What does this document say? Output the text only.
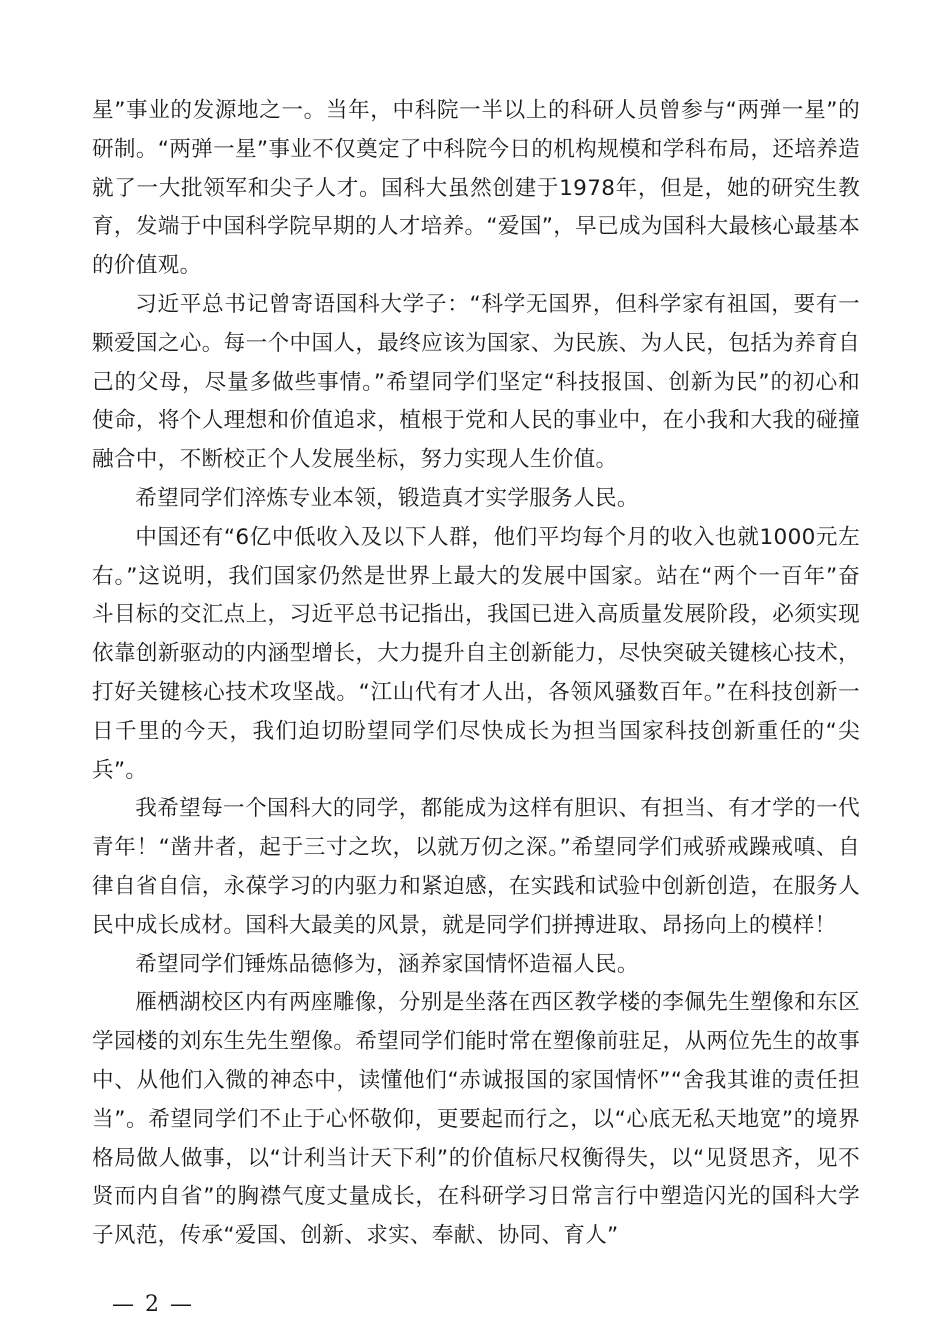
星”事业的发源地之一。当年，中科院一半以上的科研人员曾参与“两弹一星”的研制。“两弹一星”事业不仅奠定了中科院今日的机构规模和学科布局，还培养造就了一大批领军和尖子人才。国科大虽然创建于1978年，但是，她的研究生教育，发端于中国科学院早期的人才培养。“爱国”，早已成为国科大最核心最基本的价值观。

习近平总书记曾寄语国科大学子：“科学无国界，但科学家有祖国，要有一颗爱国之心。每一个中国人，最终应该为国家、为民族、为人民，包括为养育自己的父母，尽量多做些事情。”希望同学们坚定“科技报国、创新为民”的初心和使命，将个人理想和价值追求，植根于党和人民的事业中，在小我和大我的碰撞融合中，不断校正个人发展坐标，努力实现人生价值。

希望同学们淬炼专业本领，锻造真才实学服务人民。

中国还有“6亿中低收入及以下人群，他们平均每个月的收入也就1000元左右。”这说明，我们国家仍然是世界上最大的发展中国家。站在“两个一百年”奋斗目标的交汇点上，习近平总书记指出，我国已进入高质量发展阶段，必须实现依靠创新驱动的内涵型增长，大力提升自主创新能力，尽快突破关键核心技术，打好关键核心技术攻坚战。“江山代有才人出，各领风骚数百年。”在科技创新一日千里的今天，我们迫切盼望同学们尽快成长为担当国家科技创新重任的“尖兵”。

我希望每一个国科大的同学，都能成为这样有胆识、有担当、有才学的一代青年！“凿井者，起于三寸之坎，以就万仞之深。”希望同学们戒骄戒躁戒嗔、自律自省自信，永葆学习的内驱力和紧迫感，在实践和试验中创新创造，在服务人民中成长成材。国科大最美的风景，就是同学们拼搏进取、昂扬向上的模样！

希望同学们锤炼品德修为，涵养家国情怀造福人民。

雁栖湖校区内有两座雕像，分别是坐落在西区教学楼的李佩先生塑像和东区学园楼的刘东生先生塑像。希望同学们能时常在塑像前驻足，从两位先生的故事中、从他们入微的神态中，读懂他们“赤诚报国的家国情怀”“舍我其谁的责任担当”。希望同学们不止于心怀敬仰，更要起而行之，以“心底无私天地宽”的境界格局做人做事，以“计利当计天下利”的价值标尺权衡得失，以“见贤思齐，见不贤而内自省”的胸襟气度丈量成长，在科研学习日常言行中塑造闪光的国科大学子风范，传承“爱国、创新、求实、奉献、协同、育人”

— 2 —
